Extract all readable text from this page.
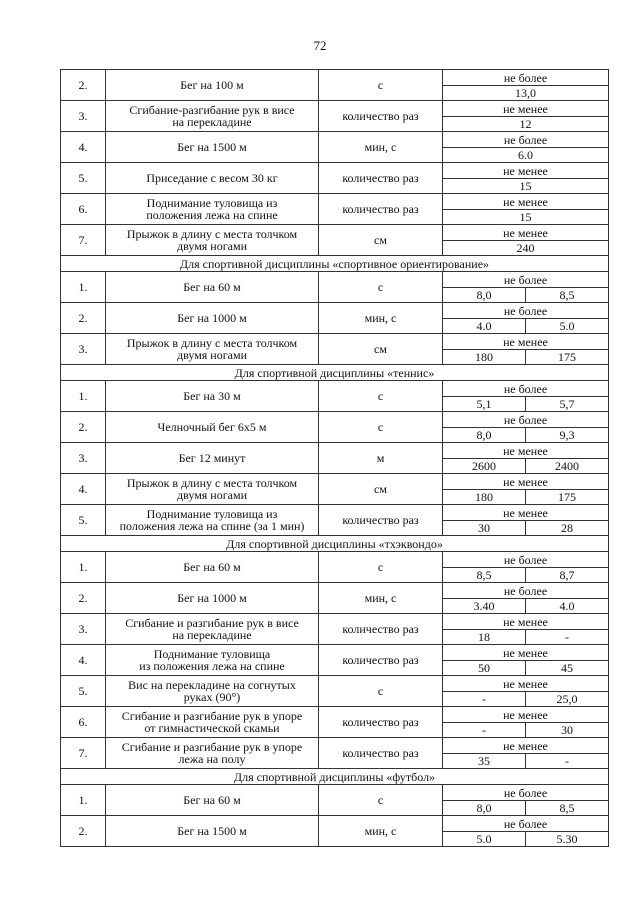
72
2.	Бег на 100 м	с	не более	
			13,0	
3.	Сгибание-разгибание рук в висе
на перекладине	количество раз	не менее	
			12	
4.	Бег на 1500 м	мин, с	не более	
			6.0	
5.	Приседание с весом 30 кг	количество раз	не менее	
			15	
6.	Поднимание туловища из
положения лежа на спине	количество раз	не менее	
			15	
7.	Прыжок в длину с места толчком
двумя ногами	см	не менее	
			240	
Для спортивной дисциплины «спортивное ориентирование»				
1.	Бег на 60 м	с	не более	
			8,0	8,5
2.	Бег на 1000 м	мин, с	не более	
			4.0	5.0
3.	Прыжок в длину с места толчком
двумя ногами	см	не менее	
			180	175
Для спортивной дисциплины «теннис»				
1.	Бег на 30 м	с	не более	
			5,1	5,7
2.	Челночный бег 6x5 м	с	не более	
			8,0	9,3
3.	Бег 12 минут	м	не менее	
			2600	2400
4.	Прыжок в длину с места толчком
двумя ногами	см	не менее	
			180	175
5.	Поднимание туловища из
положения лежа на спине (за 1 мин)	количество раз	не менее	
			30	28
Для спортивной дисциплины «тхэквондо»				
1.	Бег на 60 м	с	не более	
			8,5	8,7
2.	Бег на 1000 м	мин, с	не более	
			3.40	4.0
3.	Сгибание и разгибание рук в висе
на перекладине	количество раз	не менее	
			18	-
4.	Поднимание туловища
из положения лежа на спине	количество раз	не менее	
			50	45
5.	Вис на перекладине на согнутых
руках (90°)	с	не менее	
			-	25,0
6.	Сгибание и разгибание рук в упоре
от гимнастической скамьи	количество раз	не менее	
			-	30
7.	Сгибание и разгибание рук в упоре
лежа на полу	количество раз	не менее	
			35	-
Для спортивной дисциплины «футбол»				
1.	Бег на 60 м	с	не более	
			8,0	8,5
2.	Бег на 1500 м	мин, с	не более	
			5.0	5.30
